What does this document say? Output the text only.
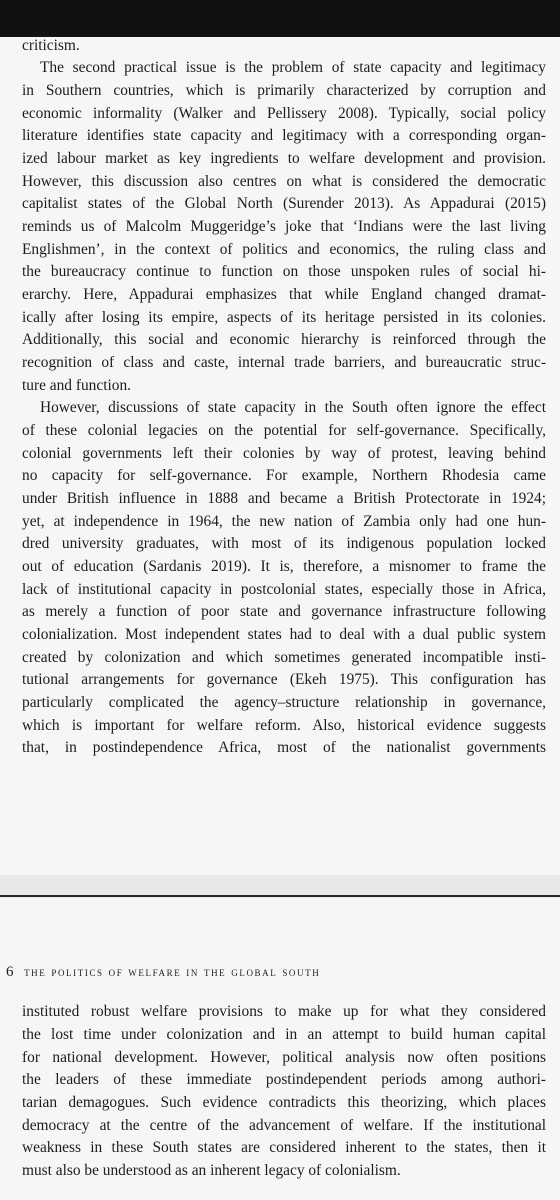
criticism.
The second practical issue is the problem of state capacity and legitimacy
in Southern countries, which is primarily characterized by corruption and
economic informality (Walker and Pellissery 2008). Typically, social policy
literature identifies state capacity and legitimacy with a corresponding organ-
ized labour market as key ingredients to welfare development and provision.
However, this discussion also centres on what is considered the democratic
capitalist states of the Global North (Surender 2013). As Appadurai (2015)
reminds us of Malcolm Muggeridge’s joke that ‘Indians were the last living
Englishmen’, in the context of politics and economics, the ruling class and
the bureaucracy continue to function on those unspoken rules of social hi-
erarchy. Here, Appadurai emphasizes that while England changed dramat-
ically after losing its empire, aspects of its heritage persisted in its colonies.
Additionally, this social and economic hierarchy is reinforced through the
recognition of class and caste, internal trade barriers, and bureaucratic struc-
ture and function.
However, discussions of state capacity in the South often ignore the effect
of these colonial legacies on the potential for self-governance. Specifically,
colonial governments left their colonies by way of protest, leaving behind
no capacity for self-governance. For example, Northern Rhodesia came
under British influence in 1888 and became a British Protectorate in 1924;
yet, at independence in 1964, the new nation of Zambia only had one hun-
dred university graduates, with most of its indigenous population locked
out of education (Sardanis 2019). It is, therefore, a misnomer to frame the
lack of institutional capacity in postcolonial states, especially those in Africa,
as merely a function of poor state and governance infrastructure following
colonialization. Most independent states had to deal with a dual public system
created by colonization and which sometimes generated incompatible insti-
tutional arrangements for governance (Ekeh 1975). This configuration has
particularly complicated the agency–structure relationship in governance,
which is important for welfare reform. Also, historical evidence suggests
that, in postindependence Africa, most of the nationalist governments
6 the politics of welfare in the global south
instituted robust welfare provisions to make up for what they considered
the lost time under colonization and in an attempt to build human capital
for national development. However, political analysis now often positions
the leaders of these immediate postindependent periods among authori-
tarian demagogues. Such evidence contradicts this theorizing, which places
democracy at the centre of the advancement of welfare. If the institutional
weakness in these South states are considered inherent to the states, then it
must also be understood as an inherent legacy of colonialism.
